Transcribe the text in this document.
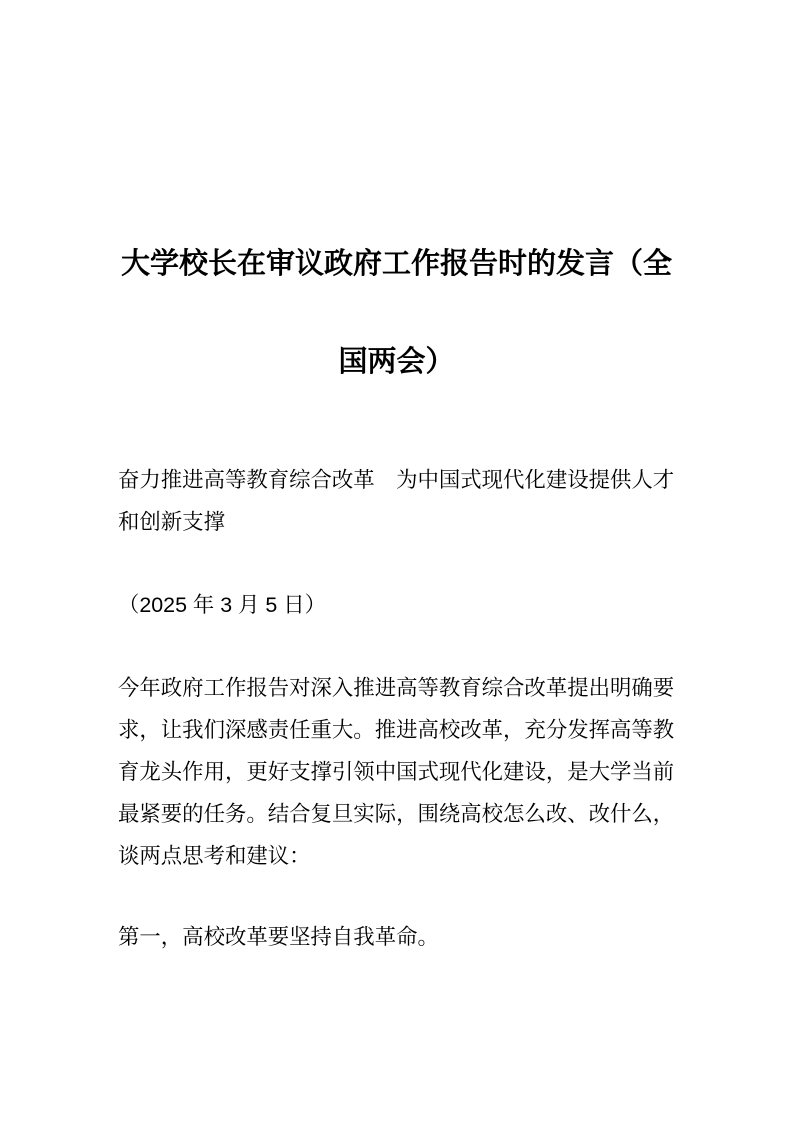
大学校长在审议政府工作报告时的发言（全
国两会）
奋力推进高等教育综合改革　为中国式现代化建设提供人才
和创新支撑
（2025 年 3 月 5 日）
今年政府工作报告对深入推进高等教育综合改革提出明确要
求，让我们深感责任重大。推进高校改革，充分发挥高等教
育龙头作用，更好支撑引领中国式现代化建设，是大学当前
最紧要的任务。结合复旦实际，围绕高校怎么改、改什么，
谈两点思考和建议：
第一，高校改革要坚持自我革命。
